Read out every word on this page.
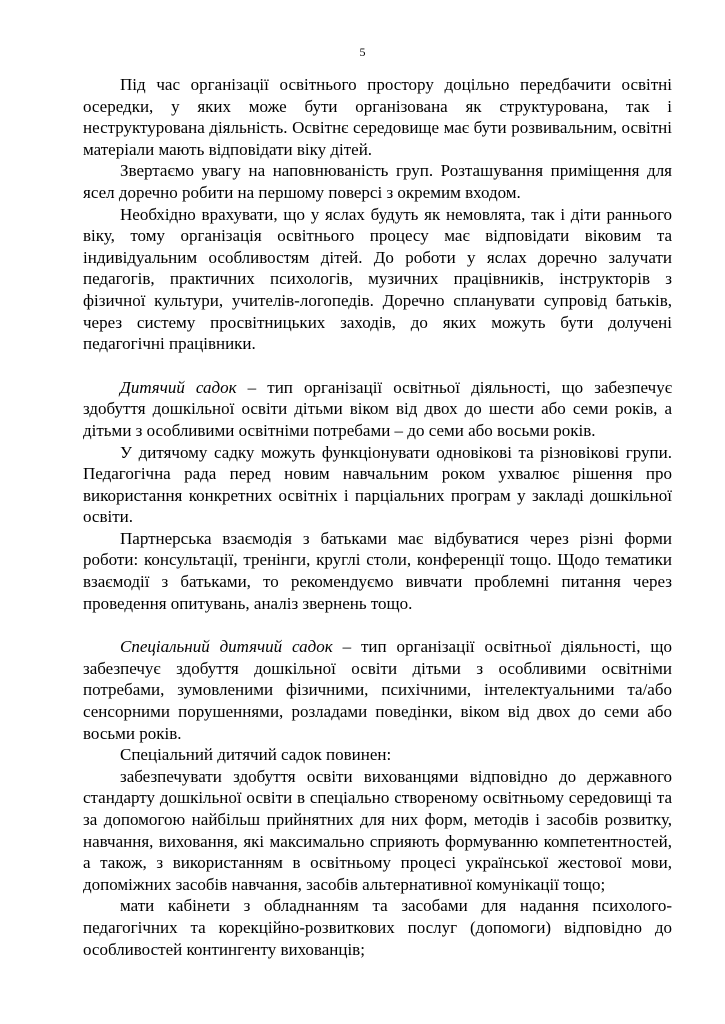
5

Під час організації освітнього простору доцільно передбачити освітні осередки, у яких може бути організована як структурована, так і неструктурована діяльність. Освітнє середовище має бути розвивальним, освітні матеріали мають відповідати віку дітей.

Звертаємо увагу на наповнюваність груп. Розташування приміщення для ясел доречно робити на першому поверсі з окремим входом.

Необхідно врахувати, що у яслах будуть як немовлята, так і діти раннього віку, тому організація освітнього процесу має відповідати віковим та індивідуальним особливостям дітей. До роботи у яслах доречно залучати педагогів, практичних психологів, музичних працівників, інструкторів з фізичної культури, учителів-логопедів. Доречно спланувати супровід батьків, через систему просвітницьких заходів, до яких можуть бути долучені педагогічні працівники.

Дитячий садок – тип організації освітньої діяльності, що забезпечує здобуття дошкільної освіти дітьми віком від двох до шести або семи років, а дітьми з особливими освітніми потребами – до семи або восьми років.

У дитячому садку можуть функціонувати одновікові та різновікові групи. Педагогічна рада перед новим навчальним роком ухвалює рішення про використання конкретних освітніх і парціальних програм у закладі дошкільної освіти.

Партнерська взаємодія з батьками має відбуватися через різні форми роботи: консультації, тренінги, круглі столи, конференції тощо. Щодо тематики взаємодії з батьками, то рекомендуємо вивчати проблемні питання через проведення опитувань, аналіз звернень тощо.

Спеціальний дитячий садок – тип організації освітньої діяльності, що забезпечує здобуття дошкільної освіти дітьми з особливими освітніми потребами, зумовленими фізичними, психічними, інтелектуальними та/або сенсорними порушеннями, розладами поведінки, віком від двох до семи або восьми років.

Спеціальний дитячий садок повинен:

забезпечувати здобуття освіти вихованцями відповідно до державного стандарту дошкільної освіти в спеціально створеному освітньому середовищі та за допомогою найбільш прийнятних для них форм, методів і засобів розвитку, навчання, виховання, які максимально сприяють формуванню компетентностей, а також, з використанням в освітньому процесі української жестової мови, допоміжних засобів навчання, засобів альтернативної комунікації тощо;

мати кабінети з обладнанням та засобами для надання психолого-педагогічних та корекційно-розвиткових послуг (допомоги) відповідно до особливостей контингенту вихованців;
